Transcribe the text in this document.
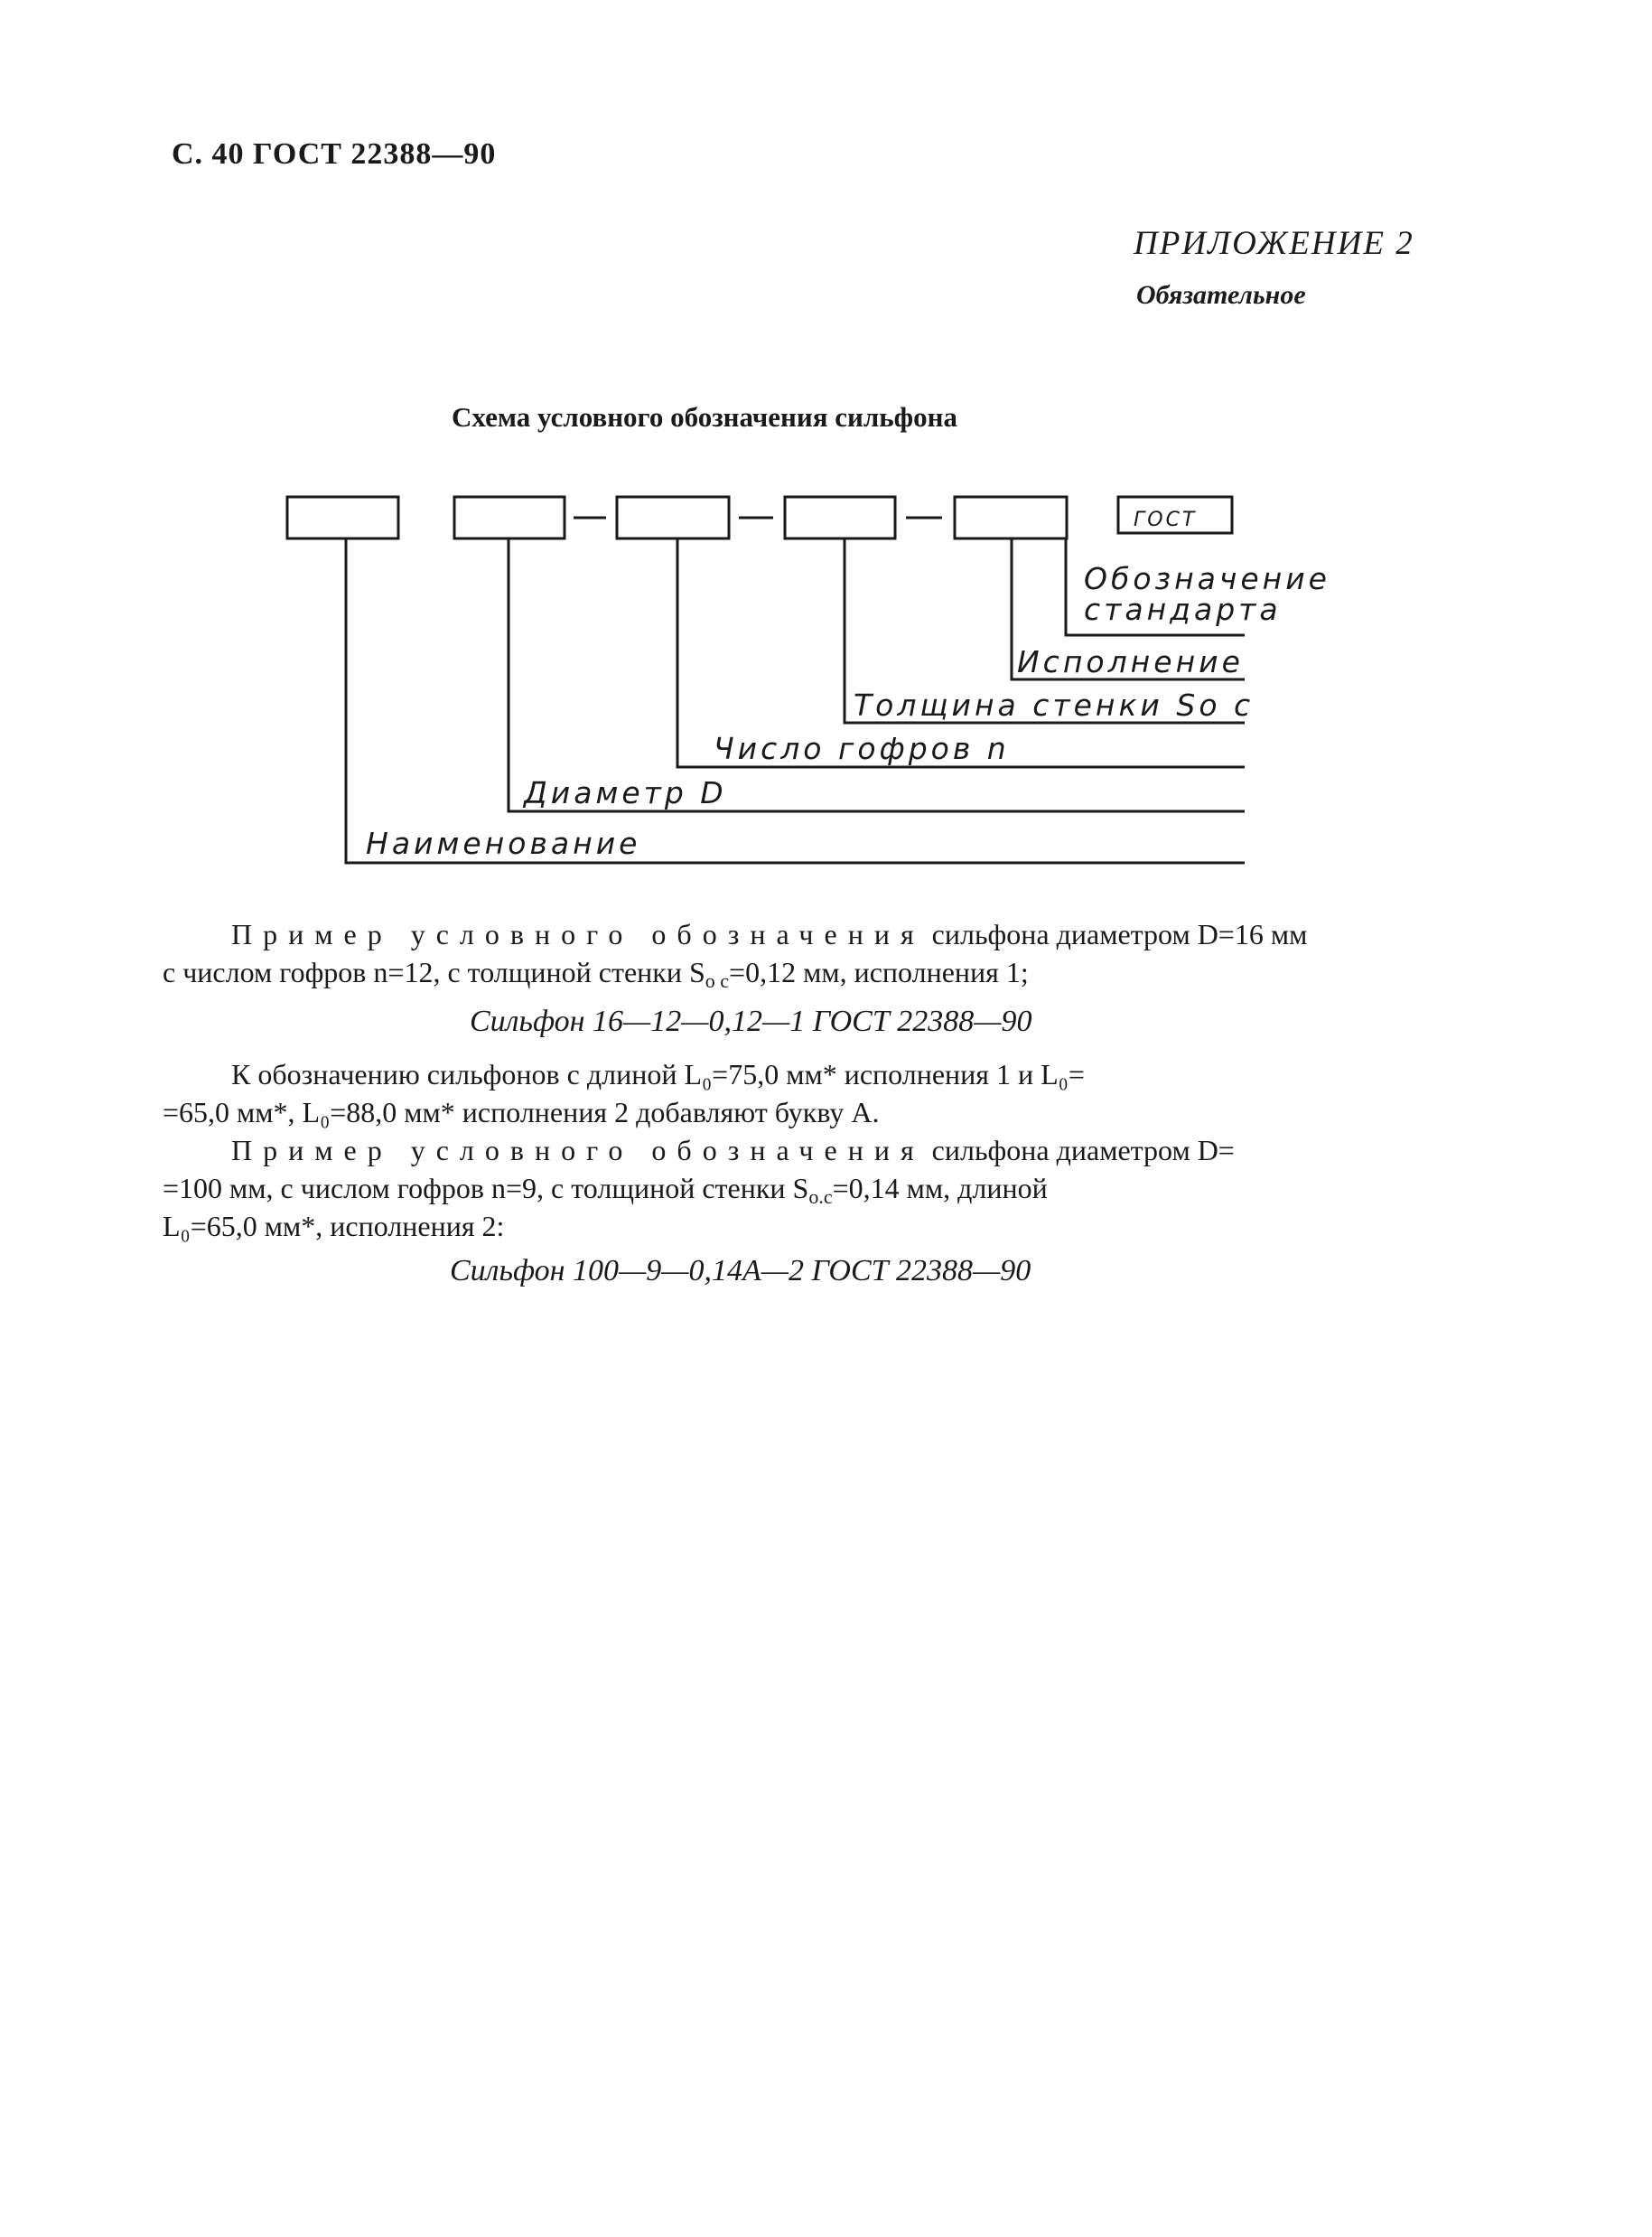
С. 40 ГОСТ 22388—90
ПРИЛОЖЕНИЕ 2
Обязательное
Схема условного обозначения сильфона
ГОСТ
Обозначение
стандарта
Исполнение
Толщина стенки Sо с
Число гофров n
Диаметр D
Наименование
Пример условного обозначения сильфона диаметром D=16 мм
с числом гофров n=12, с толщиной стенки $S_{о с}=0,12$ мм, исполнения 1;
Сильфон 16—12—0,12—1 ГОСТ 22388—90
К обозначению сильфонов с длиной L₀=75,0 мм* исполнения 1 и L₀=
=65,0 мм*, L₀=88,0 мм* исполнения 2 добавляют букву А.
Пример условного обозначения сильфона диаметром D=
=100 мм, с числом гофров n=9, с толщиной стенки $S_{о.с}=0,14$ мм, длиной
L₀=65,0 мм*, исполнения 2:
Сильфон 100—9—0,14А—2 ГОСТ 22388—90
